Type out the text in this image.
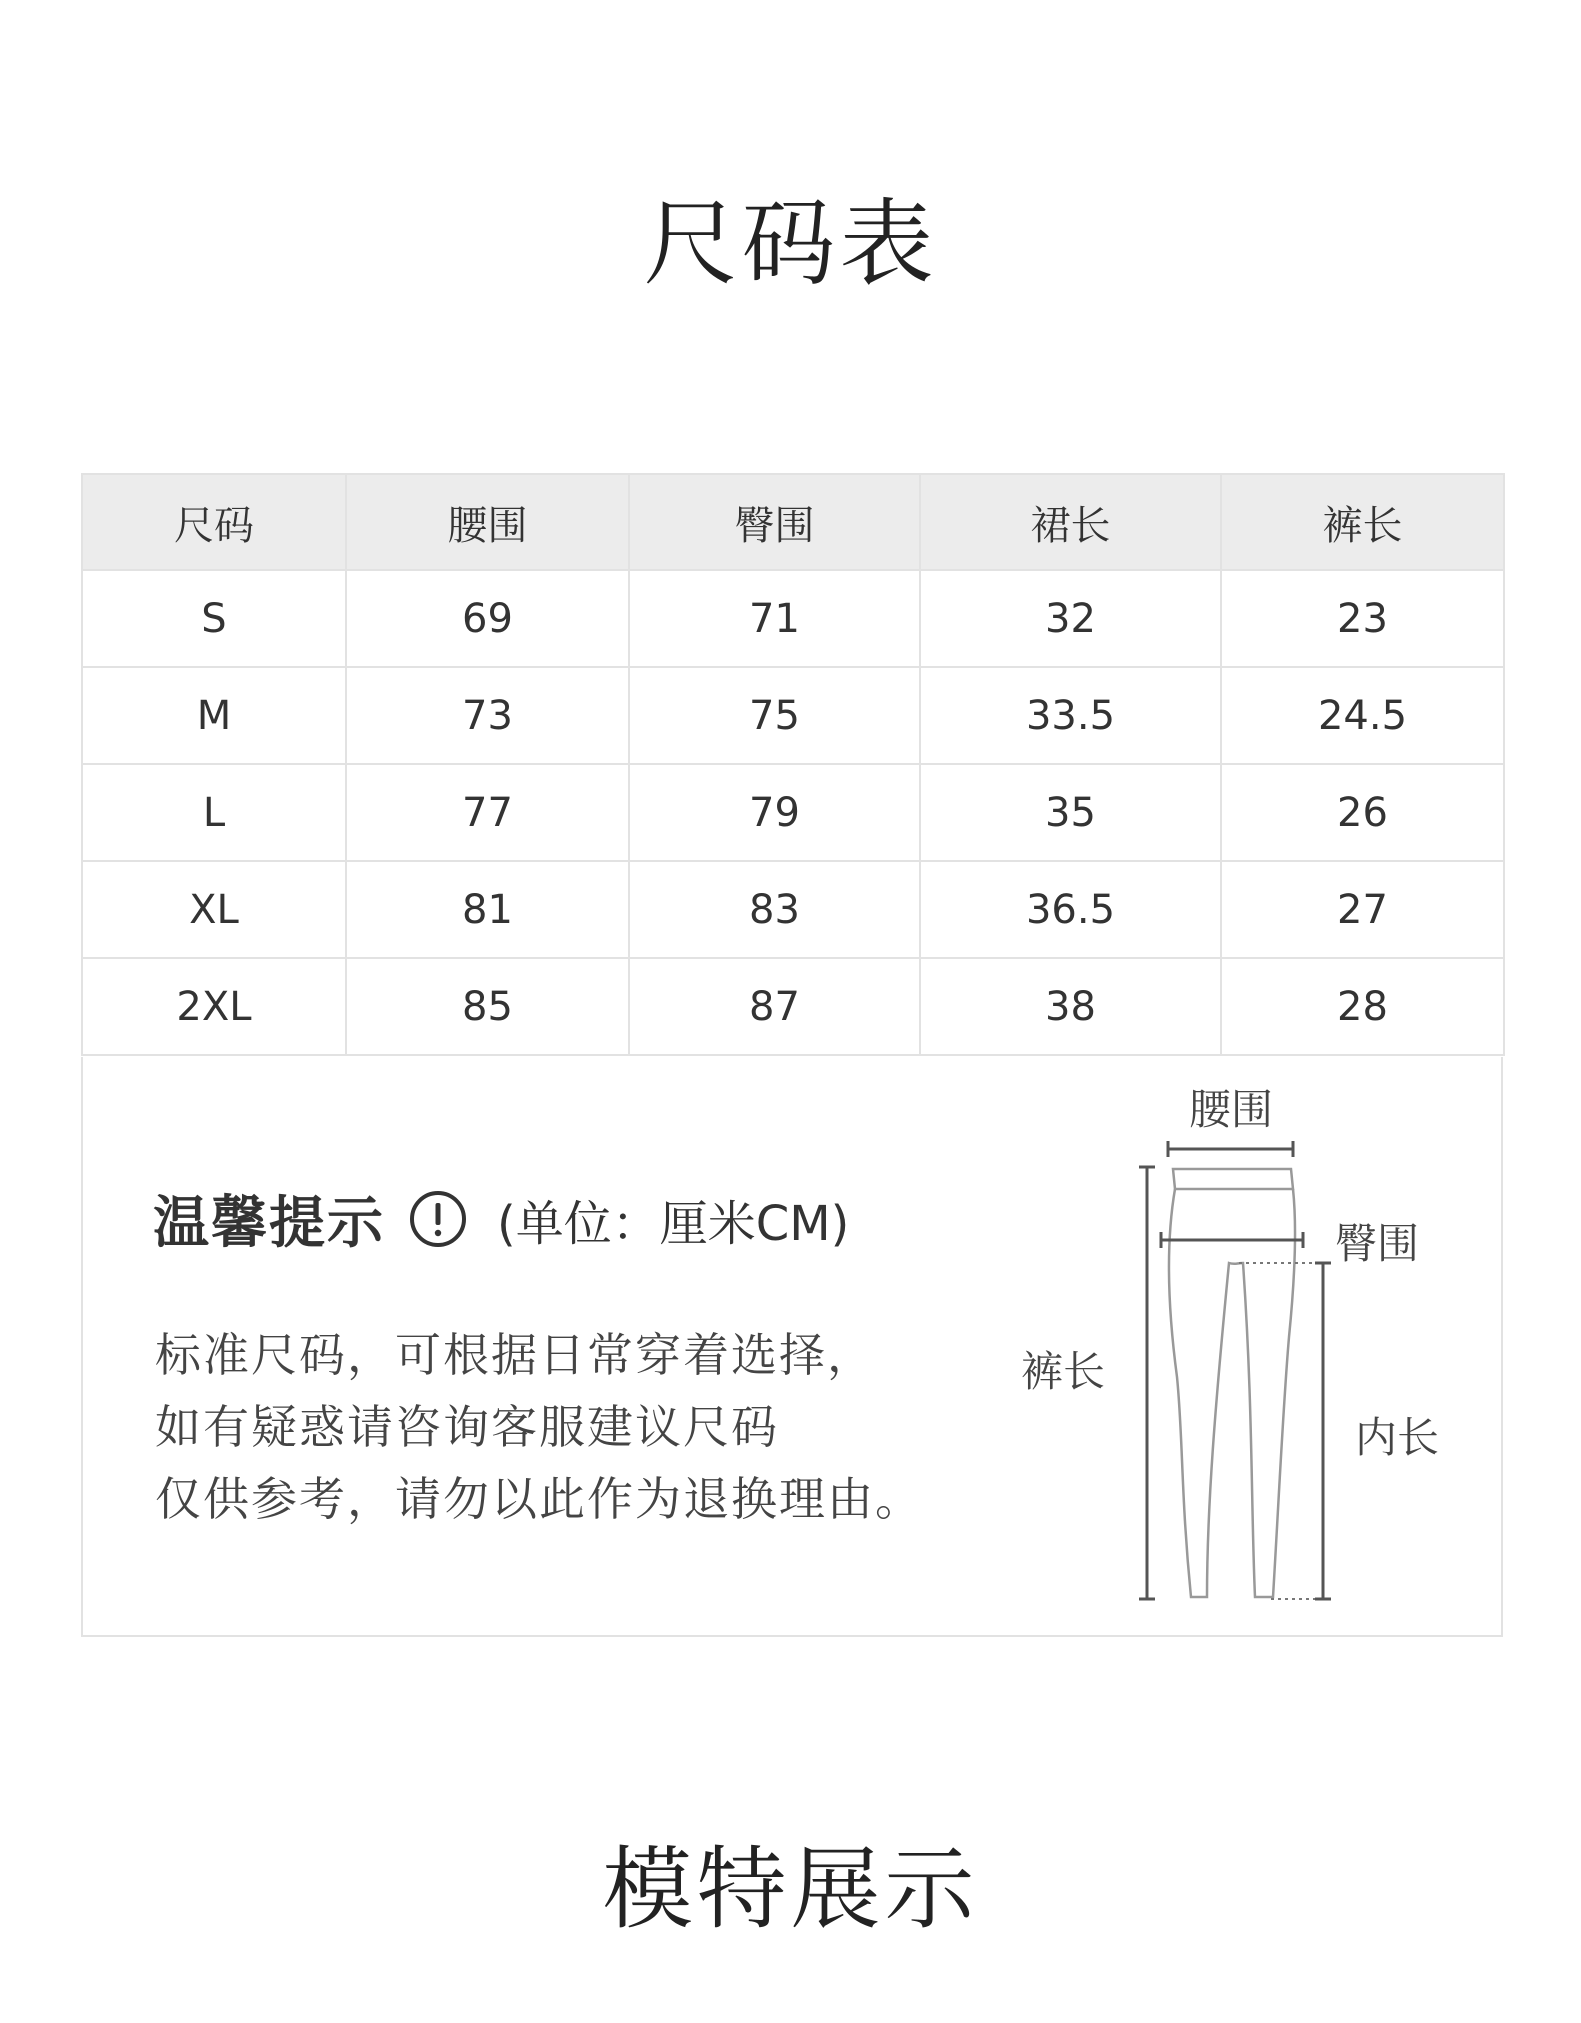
尺码表
尺码	腰围	臀围	裙长	裤长
S	69	71	32	23
M	73	75	33.5	24.5
L	77	79	35	26
XL	81	83	36.5	27
2XL	85	87	38	28
温馨提示 (单位：厘米CM)
标准尺码，可根据日常穿着选择，
如有疑惑请咨询客服建议尺码
仅供参考，请勿以此作为退换理由。
腰围
臀围
裤长
内长
模特展示
